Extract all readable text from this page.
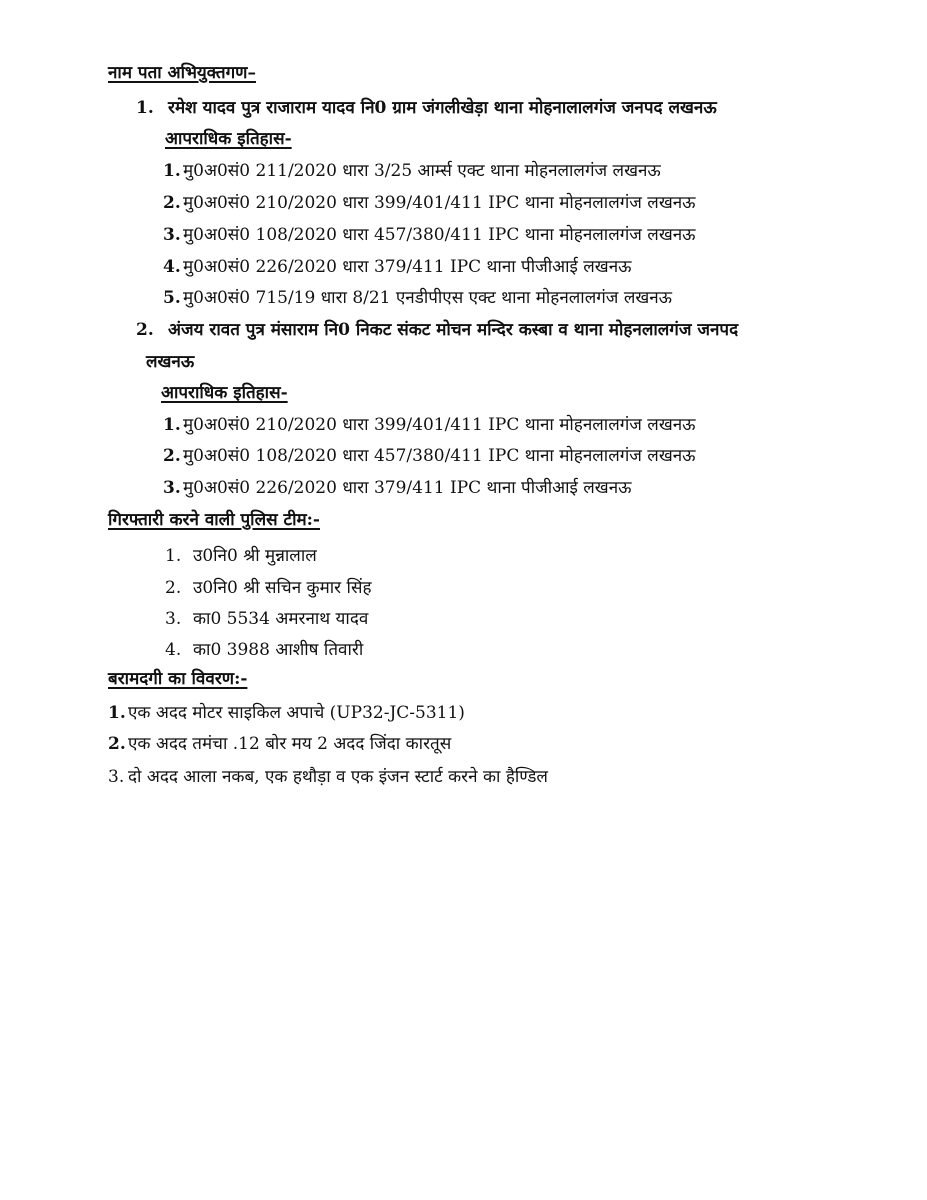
नाम पता अभियुक्तगण–
1. रमेश यादव पुत्र राजाराम यादव नि0 ग्राम जंगलीखेड़ा थाना मोहनालालगंज जनपद लखनऊ
आपराधिक इतिहास-
1. मु0अ0सं0 211/2020 धारा 3/25 आर्म्स एक्ट थाना मोहनलालगंज लखनऊ
2. मु0अ0सं0 210/2020 धारा 399/401/411 IPC थाना मोहनलालगंज लखनऊ
3. मु0अ0सं0 108/2020 धारा 457/380/411 IPC थाना मोहनलालगंज लखनऊ
4. मु0अ0सं0 226/2020 धारा 379/411 IPC थाना पीजीआई लखनऊ
5. मु0अ0सं0 715/19 धारा 8/21 एनडीपीएस एक्ट थाना मोहनलालगंज लखनऊ
2. अंजय रावत पुत्र मंसाराम नि0 निकट संकट मोचन मन्दिर कस्बा व थाना मोहनलालगंज जनपद
लखनऊ
आपराधिक इतिहास-
1. मु0अ0सं0 210/2020 धारा 399/401/411 IPC थाना मोहनलालगंज लखनऊ
2. मु0अ0सं0 108/2020 धारा 457/380/411 IPC थाना मोहनलालगंज लखनऊ
3. मु0अ0सं0 226/2020 धारा 379/411 IPC थाना पीजीआई लखनऊ
गिरफ्तारी करने वाली पुलिस टीम:-
1. उ0नि0 श्री मुन्नालाल
2. उ0नि0 श्री सचिन कुमार सिंह
3. का0 5534 अमरनाथ यादव
4. का0 3988 आशीष तिवारी
बरामदगी का विवरण:-
1. एक अदद मोटर साइकिल अपाचे (UP32-JC-5311)
2. एक अदद तमंचा .12 बोर मय 2 अदद जिंदा कारतूस
3. दो अदद आला नकब, एक हथौड़ा व एक इंजन स्टार्ट करने का हैण्डिल
